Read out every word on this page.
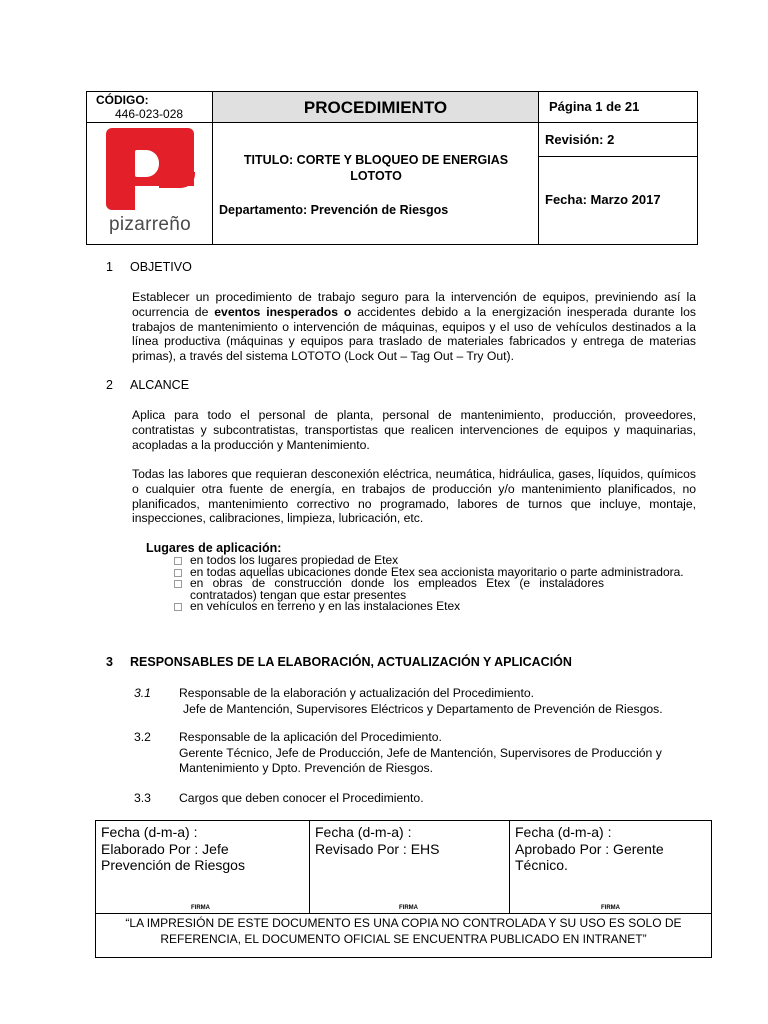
CÓDIGO:
446-023-028
pizarreño
PROCEDIMIENTO
TITULO: CORTE Y BLOQUEO DE ENERGIAS
LOTOTO
Departamento: Prevención de Riesgos
Página 1 de 21
Revisión: 2
Fecha: Marzo 2017
1 OBJETIVO
Establecer un procedimiento de trabajo seguro para la intervención de equipos, previniendo así la ocurrencia de eventos inesperados o accidentes debido a la energización inesperada durante los trabajos de mantenimiento o intervención de máquinas, equipos y el uso de vehículos destinados a la línea productiva (máquinas y equipos para traslado de materiales fabricados y entrega de materias primas), a través del sistema LOTOTO (Lock Out – Tag Out – Try Out).
2 ALCANCE
Aplica para todo el personal de planta, personal de mantenimiento, producción, proveedores, contratistas y subcontratistas, transportistas que realicen intervenciones de equipos y maquinarias, acopladas a la producción y Mantenimiento.
Todas las labores que requieran desconexión eléctrica, neumática, hidráulica, gases, líquidos, químicos o cualquier otra fuente de energía, en trabajos de producción y/o mantenimiento planificados, no planificados, mantenimiento correctivo no programado, labores de turnos que incluye, montaje, inspecciones, calibraciones, limpieza, lubricación, etc.
Lugares de aplicación:
en todos los lugares propiedad de Etex
en todas aquellas ubicaciones donde Etex sea accionista mayoritario o parte administradora.
en obras de construcción donde los empleados Etex (e instaladores contratados) tengan que estar presentes
en vehículos en terreno y en las instalaciones Etex
3 RESPONSABLES DE LA ELABORACIÓN, ACTUALIZACIÓN Y APLICACIÓN
3.1 Responsable de la elaboración y actualización del Procedimiento.
Jefe de Mantención, Supervisores Eléctricos y Departamento de Prevención de Riesgos.
3.2 Responsable de la aplicación del Procedimiento.
Gerente Técnico, Jefe de Producción, Jefe de Mantención, Supervisores de Producción y Mantenimiento y Dpto. Prevención de Riesgos.
3.3 Cargos que deben conocer el Procedimiento.
Fecha (d-m-a) :
Elaborado Por : Jefe
Prevención de Riesgos
Fecha (d-m-a) :
Revisado Por : EHS
Fecha (d-m-a) :
Aprobado Por : Gerente
Técnico.
FIRMA	FIRMA	FIRMA
“LA IMPRESIÓN DE ESTE DOCUMENTO ES UNA COPIA NO CONTROLADA Y SU USO ES SOLO DE
REFERENCIA, EL DOCUMENTO OFICIAL SE ENCUENTRA PUBLICADO EN INTRANET”
